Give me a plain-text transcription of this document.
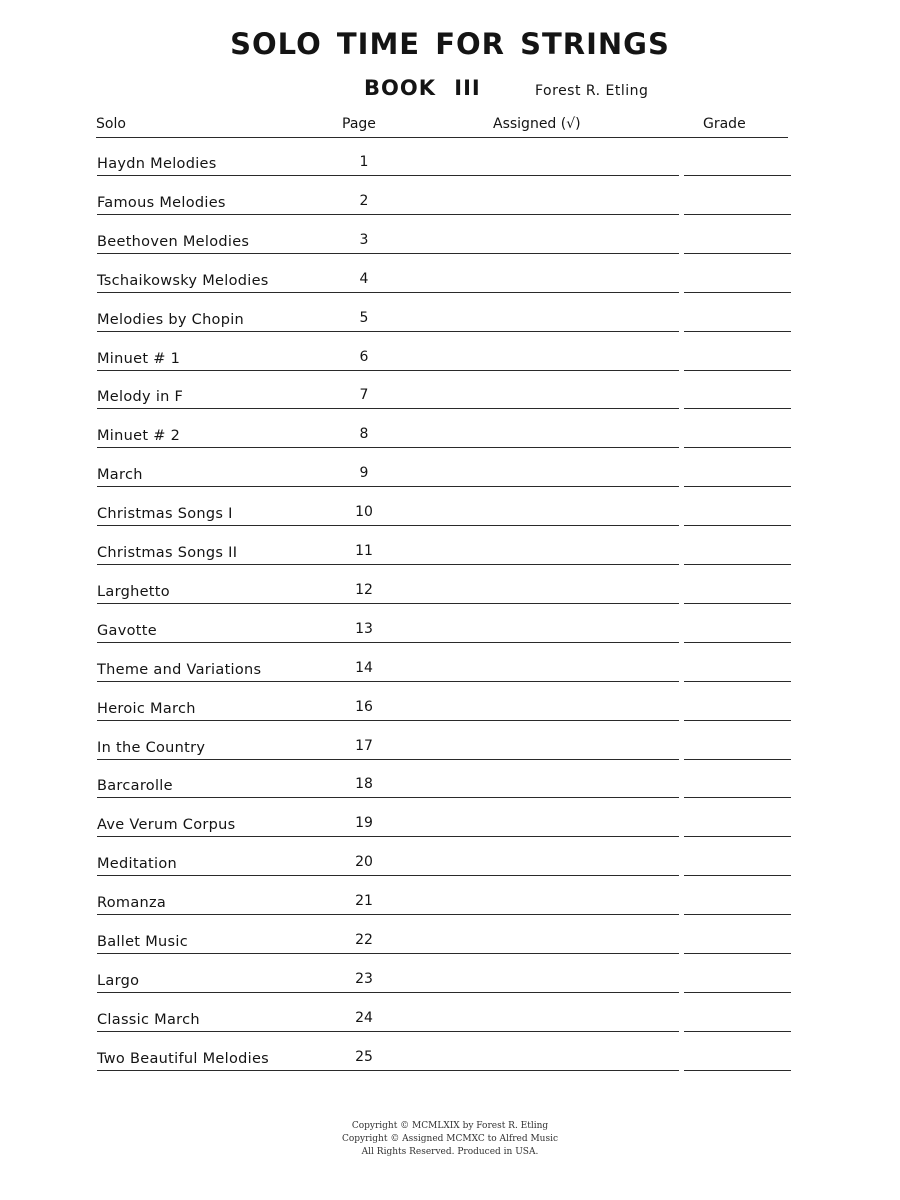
SOLO TIME FOR STRINGS
BOOK III	Forest R. Etling
Solo	Page	Assigned (√)	Grade
Haydn Melodies	1
Famous Melodies	2
Beethoven Melodies	3
Tschaikowsky Melodies	4
Melodies by Chopin	5
Minuet # 1	6
Melody in F	7
Minuet # 2	8
March	9
Christmas Songs I	10
Christmas Songs II	11
Larghetto	12
Gavotte	13
Theme and Variations	14
Heroic March	16
In the Country	17
Barcarolle	18
Ave Verum Corpus	19
Meditation	20
Romanza	21
Ballet Music	22
Largo	23
Classic March	24
Two Beautiful Melodies	25
Copyright © MCMLXIX by Forest R. Etling
Copyright © Assigned MCMXC to Alfred Music
All Rights Reserved. Produced in USA.
